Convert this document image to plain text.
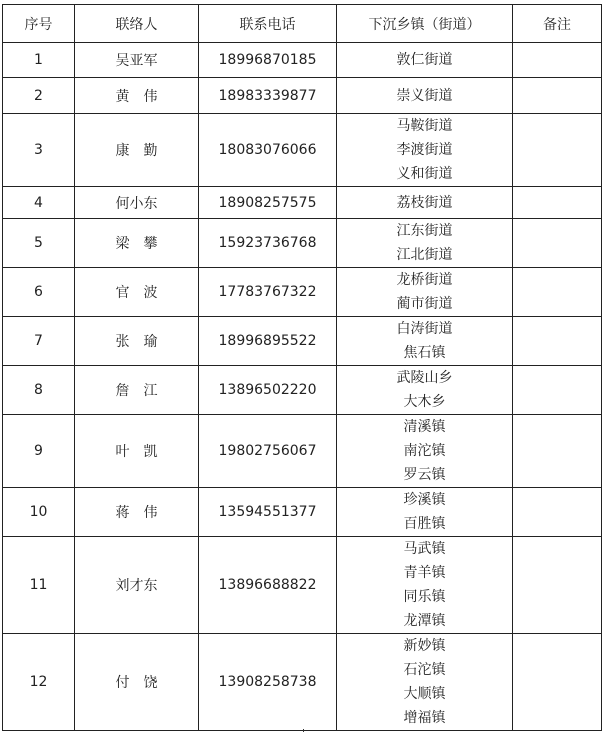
序号	联络人	联系电话	下沉乡镇（街道）	备注
1	吴亚军	18996870185	敦仁街道	

2	黄　伟	18983339877	崇义街道	

3	康　勤	18083076066	马鞍街道
李渡街道
义和街道	

4	何小东	18908257575	荔枝街道	

5	梁　攀	15923736768	江东街道
江北街道	

6	官　波	17783767322	龙桥街道
蔺市街道	

7	张　瑜	18996895522	白涛街道
焦石镇	

8	詹　江	13896502220	武陵山乡
大木乡	

9	叶　凯	19802756067	清溪镇
南沱镇
罗云镇	

10	蒋　伟	13594551377	珍溪镇
百胜镇	

11	刘才东	13896688822	马武镇
青羊镇
同乐镇
龙潭镇	

12	付　饶	13908258738	新妙镇
石沱镇
大顺镇
增福镇	
